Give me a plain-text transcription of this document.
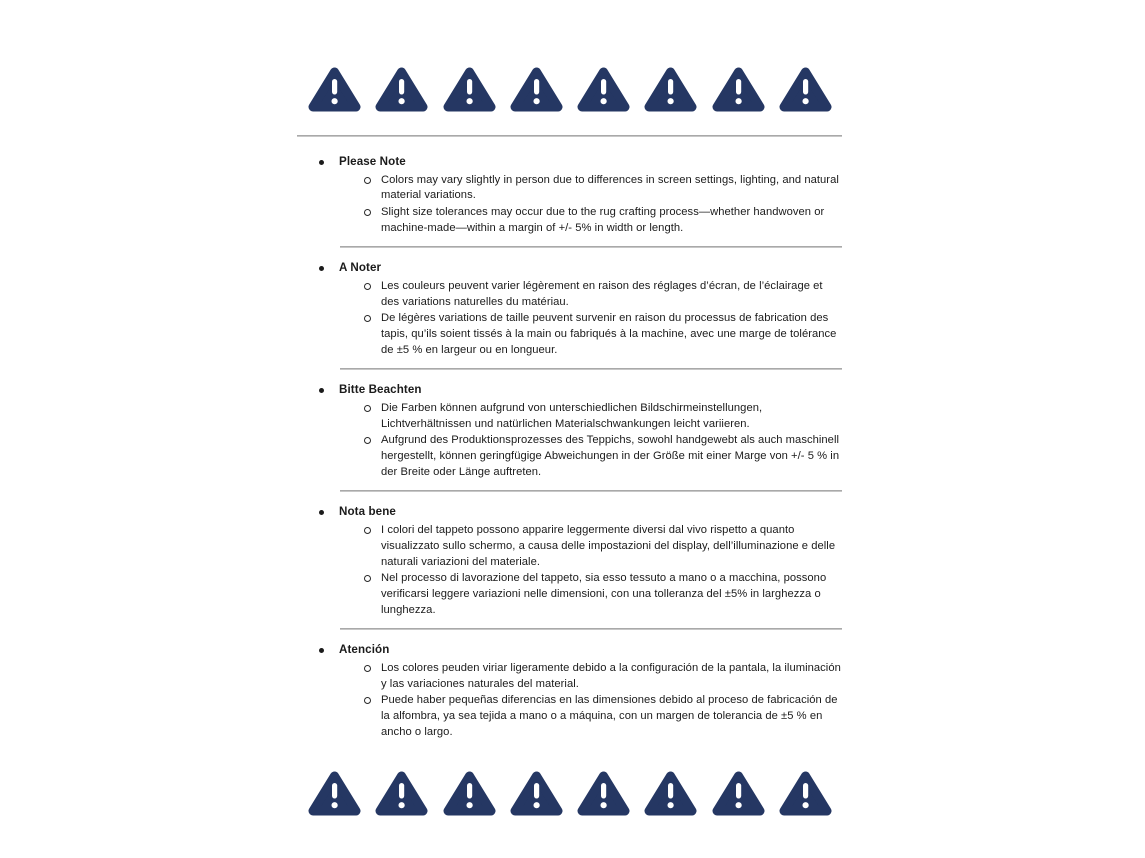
Please Note
Colors may vary slightly in person due to differences in screen settings, lighting, and natural material variations.
Slight size tolerances may occur due to the rug crafting process—whether handwoven or machine-made—within a margin of +/- 5% in width or length.
A Noter
Les couleurs peuvent varier légèrement en raison des réglages d’écran, de l’éclairage et des variations naturelles du matériau.
De légères variations de taille peuvent survenir en raison du processus de fabrication des tapis, qu’ils soient tissés à la main ou fabriqués à la machine, avec une marge de tolérance de ±5 % en largeur ou en longueur.
Bitte Beachten
Die Farben können aufgrund von unterschiedlichen Bildschirmeinstellungen, Lichtverhältnissen und natürlichen Materialschwankungen leicht variieren.
Aufgrund des Produktionsprozesses des Teppichs, sowohl handgewebt als auch maschinell hergestellt, können geringfügige Abweichungen in der Größe mit einer Marge von +/- 5 % in der Breite oder Länge auftreten.
Nota bene
I colori del tappeto possono apparire leggermente diversi dal vivo rispetto a quanto visualizzato sullo schermo, a causa delle impostazioni del display, dell’illuminazione e delle naturali variazioni del materiale.
Nel processo di lavorazione del tappeto, sia esso tessuto a mano o a macchina, possono verificarsi leggere variazioni nelle dimensioni, con una tolleranza del ±5% in larghezza o lunghezza.
Atención
Los colores peuden viriar ligeramente debido a la configuración de la pantala, la iluminación y las variaciones naturales del material.
Puede haber pequeñas diferencias en las dimensiones debido al proceso de fabricación de la alfombra, ya sea tejida a mano o a máquina, con un margen de tolerancia de ±5 % en ancho o largo.
